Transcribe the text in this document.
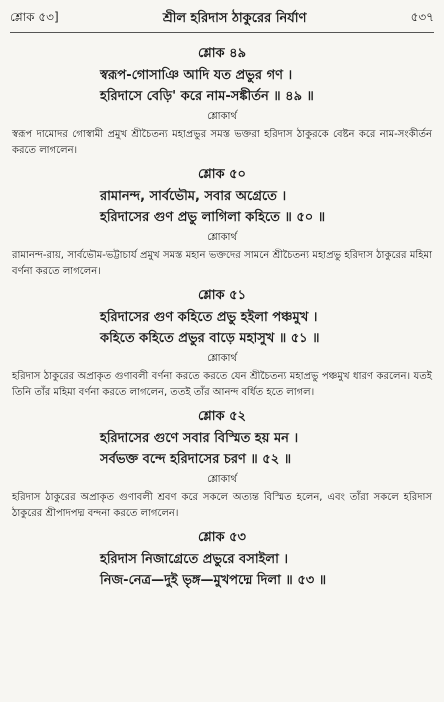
শ্লোক ৫৩]	শ্রীল হরিদাস ঠাকুরের নির্যাণ	৫৩৭
শ্লোক ৪৯
স্বরূপ-গোসাঞি আদি যত প্রভুর গণ ।
হরিদাসে বেড়ি' করে নাম-সঙ্কীর্তন ॥ ৪৯ ॥
শ্লোকার্থ
স্বরূপ দামোদর গোস্বামী প্রমুখ শ্রীচৈতন্য মহাপ্রভুর সমস্ত ভক্তরা হরিদাস ঠাকুরকে বেষ্টন করে নাম-সংকীর্তন করতে লাগলেন।
শ্লোক ৫০
রামানন্দ, সার্বভৌম, সবার অগ্রেতে ।
হরিদাসের গুণ প্রভু লাগিলা কহিতে ॥ ৫০ ॥
শ্লোকার্থ
রামানন্দ-রায়, সার্বভৌম-ভট্টাচার্য প্রমুখ সমস্ত মহান ভক্তদের সামনে শ্রীচৈতন্য মহাপ্রভু হরিদাস ঠাকুরের মহিমা বর্ণনা করতে লাগলেন।
শ্লোক ৫১
হরিদাসের গুণ কহিতে প্রভু হইলা পঞ্চমুখ ।
কহিতে কহিতে প্রভুর বাড়ে মহাসুখ ॥ ৫১ ॥
শ্লোকার্থ
হরিদাস ঠাকুরের অপ্রাকৃত গুণাবলী বর্ণনা করতে করতে যেন শ্রীচৈতন্য মহাপ্রভু পঞ্চমুখ ধারণ করলেন। যতই তিনি তাঁর মহিমা বর্ণনা করতে লাগলেন, ততই তাঁর আনন্দ বর্ধিত হতে লাগল।
শ্লোক ৫২
হরিদাসের গুণে সবার বিস্মিত হয় মন ।
সর্বভক্ত বন্দে হরিদাসের চরণ ॥ ৫২ ॥
শ্লোকার্থ
হরিদাস ঠাকুরের অপ্রাকৃত গুণাবলী শ্রবণ করে সকলে অত্যন্ত বিস্মিত হলেন, এবং তাঁরা সকলে হরিদাস ঠাকুরের শ্রীপাদপদ্ম বন্দনা করতে লাগলেন।
শ্লোক ৫৩
হরিদাস নিজাগ্রেতে প্রভুরে বসাইলা ।
নিজ-নেত্র—দুই ভৃঙ্গ—মুখপদ্মে দিলা ॥ ৫৩ ॥
